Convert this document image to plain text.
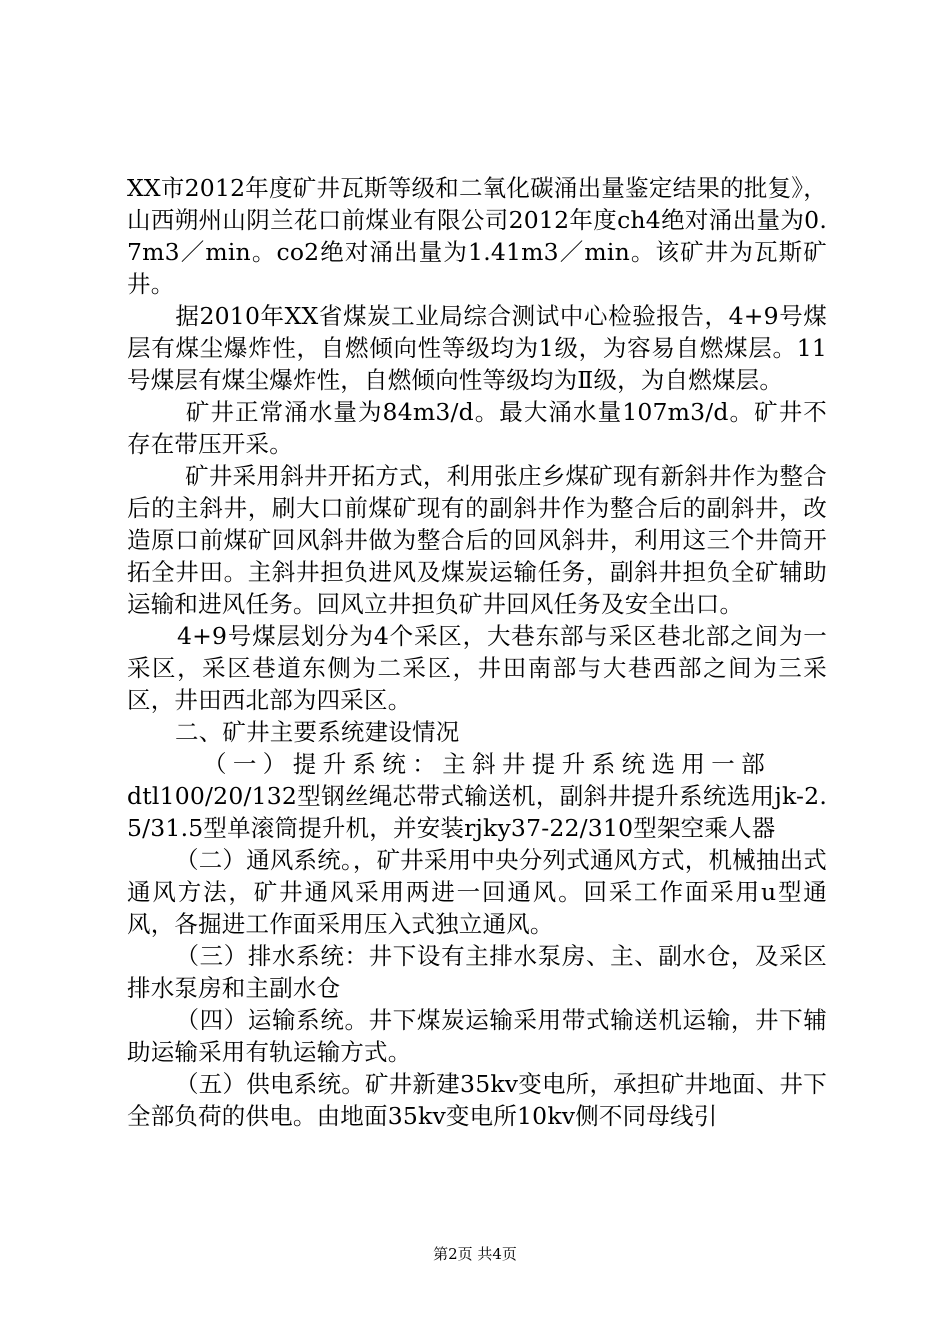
XX市2012年度矿井瓦斯等级和二氧化碳涌出量鉴定结果的批复》，山西朔州山阴兰花口前煤业有限公司2012年度ch4绝对涌出量为0.7m3／min。co2绝对涌出量为1.41m3／min。该矿井为瓦斯矿井。

据2010年XX省煤炭工业局综合测试中心检验报告，4+9号煤层有煤尘爆炸性，自燃倾向性等级均为1级，为容易自燃煤层。11号煤层有煤尘爆炸性，自燃倾向性等级均为Ⅱ级，为自燃煤层。

矿井正常涌水量为84m3/d。最大涌水量107m3/d。矿井不存在带压开采。

矿井采用斜井开拓方式，利用张庄乡煤矿现有新斜井作为整合后的主斜井，刷大口前煤矿现有的副斜井作为整合后的副斜井，改造原口前煤矿回风斜井做为整合后的回风斜井，利用这三个井筒开拓全井田。主斜井担负进风及煤炭运输任务，副斜井担负全矿辅助运输和进风任务。回风立井担负矿井回风任务及安全出口。

4+9号煤层划分为4个采区，大巷东部与采区巷北部之间为一采区，采区巷道东侧为二采区，井田南部与大巷西部之间为三采区，井田西北部为四采区。

二、矿井主要系统建设情况

（一）提升系统：主斜井提升系统选用一部

dtl100/20/132型钢丝绳芯带式输送机，副斜井提升系统选用jk-2.5/31.5型单滚筒提升机，并安装rjky37-22/310型架空乘人器

（二）通风系统。，矿井采用中央分列式通风方式，机械抽出式通风方法，矿井通风采用两进一回通风。回采工作面采用u型通风，各掘进工作面采用压入式独立通风。

（三）排水系统：井下设有主排水泵房、主、副水仓，及采区排水泵房和主副水仓

（四）运输系统。井下煤炭运输采用带式输送机运输，井下辅助运输采用有轨运输方式。

（五）供电系统。矿井新建35kv变电所，承担矿井地面、井下全部负荷的供电。由地面35kv变电所10kv侧不同母线引

第2页 共4页
